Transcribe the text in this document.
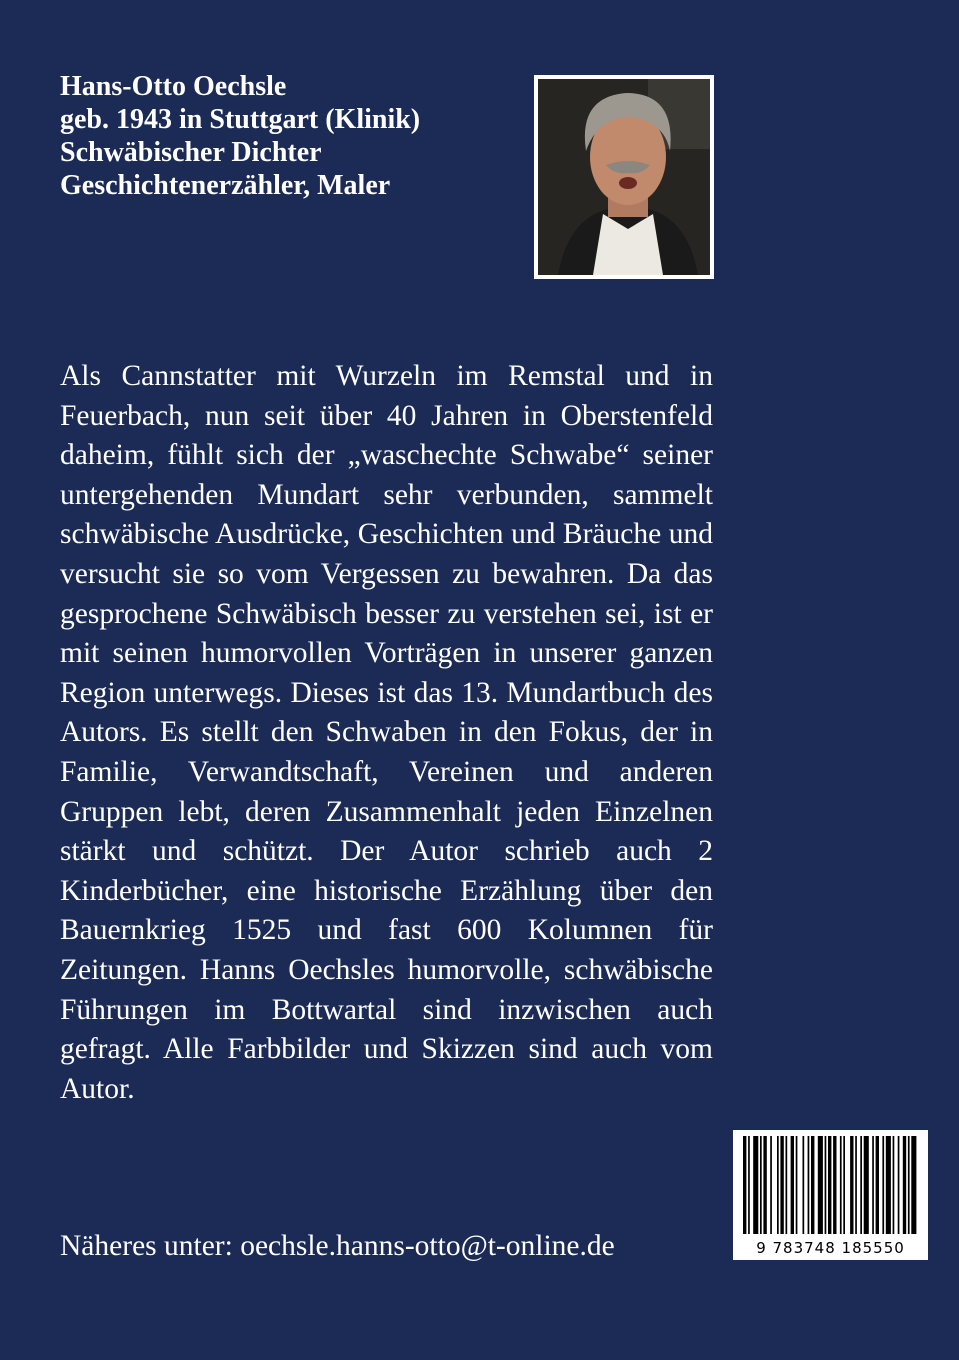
Hans-Otto Oechsle
geb. 1943 in Stuttgart (Klinik)
Schwäbischer Dichter
Geschichtenerzähler, Maler
Als Cannstatter mit Wurzeln im Remstal und in Feuerbach, nun seit über 40 Jahren in Oberstenfeld daheim, fühlt sich der „waschechte Schwabe“ seiner untergehenden Mundart sehr verbunden, sammelt schwäbische Ausdrücke, Geschichten und Bräuche und versucht sie so vom Vergessen zu bewahren. Da das gesprochene Schwäbisch besser zu verstehen sei, ist er mit seinen humorvollen Vorträgen in unserer ganzen Region unterwegs. Dieses ist das 13. Mundartbuch des Autors. Es stellt den Schwaben in den Fokus, der in Familie, Verwandtschaft, Vereinen und anderen Gruppen lebt, deren Zusammenhalt jeden Einzelnen stärkt und schützt. Der Autor schrieb auch 2 Kinderbücher, eine historische Erzählung über den Bauernkrieg 1525 und fast 600 Kolumnen für Zeitungen. Hanns Oechsles humorvolle, schwäbische Führungen im Bottwartal sind inzwischen auch gefragt. Alle Farbbilder und Skizzen sind auch vom Autor.
Näheres unter: oechsle.hanns-otto@t-online.de	9 783748 185550
